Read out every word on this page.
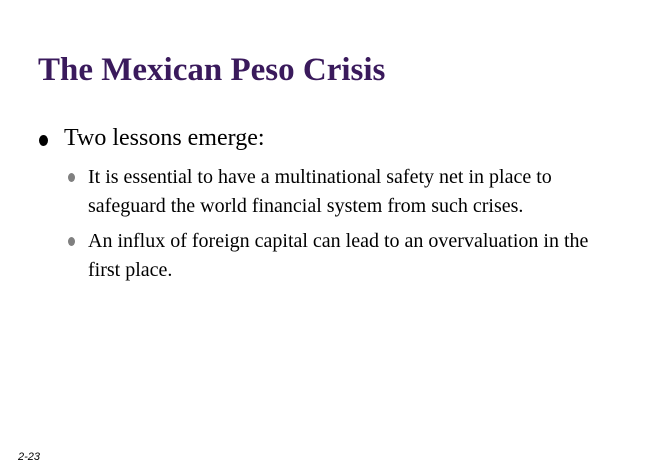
The Mexican Peso Crisis
Two lessons emerge:
It is essential to have a multinational safety net in place to safeguard the world financial system from such crises.
An influx of foreign capital can lead to an overvaluation in the first place.
2-23
